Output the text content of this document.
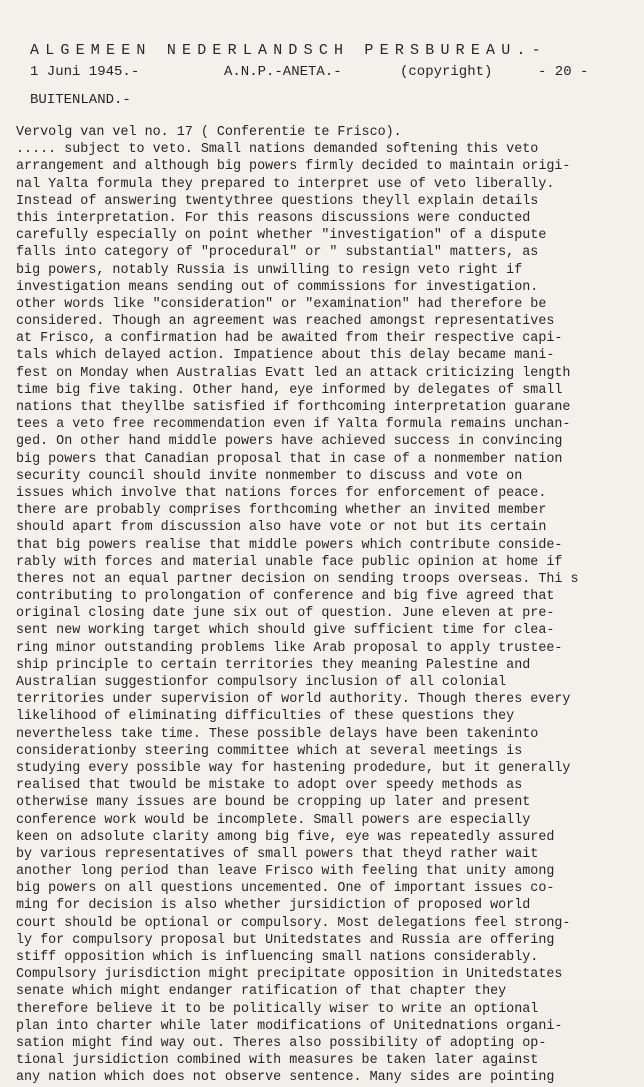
ALGEMEEN NEDERLANDSCH PERSBUREAU.-
1 Juni 1945.-	A.N.P.-ANETA.-	(copyright)	- 20 -
BUITENLAND.-
Vervolg van vel no. 17 ( Conferentie te Frisco).
..... subject to veto. Small nations demanded softening this veto
arrangement and although big powers firmly decided to maintain origi-
nal Yalta formula they prepared to interpret use of veto liberally.
Instead of answering twentythree questions theyll explain details
this interpretation. For this reasons discussions were conducted
carefully especially on point whether "investigation" of a dispute
falls into category of "procedural" or " substantial" matters, as
big powers, notably Russia is unwilling to resign veto right if
investigation means sending out of commissions for investigation.
other words like "consideration" or "examination" had therefore be
considered. Though an agreement was reached amongst representatives
at Frisco, a confirmation had be awaited from their respective capi-
tals which delayed action. Impatience about this delay became mani-
fest on Monday when Australias Evatt led an attack criticizing length
time big five taking. Other hand, eye informed by delegates of small
nations that theyllbe satisfied if forthcoming interpretation guarane
tees a veto free recommendation even if Yalta formula remains unchan-
ged. On other hand middle powers have achieved success in convincing
big powers that Canadian proposal that in case of a nonmember nation
security council should invite nonmember to discuss and vote on
issues which involve that nations forces for enforcement of peace.
there are probably comprises forthcoming whether an invited member
should apart from discussion also have vote or not but its certain
that big powers realise that middle powers which contribute conside-
rably with forces and material unable face public opinion at home if
theres not an equal partner decision on sending troops overseas. Thi s
contributing to prolongation of conference and big five agreed that
original closing date june six out of question. June eleven at pre-
sent new working target which should give sufficient time for clea-
ring minor outstanding problems like Arab proposal to apply trustee-
ship principle to certain territories they meaning Palestine and
Australian suggestionfor compulsory inclusion of all colonial
territories under supervision of world authority. Though theres every
likelihood of eliminating difficulties of these questions they
nevertheless take time. These possible delays have been takeninto
considerationby steering committee which at several meetings is
studying every possible way for hastening prodedure, but it generally
realised that twould be mistake to adopt over speedy methods as
otherwise many issues are bound be cropping up later and present
conference work would be incomplete. Small powers are especially
keen on adsolute clarity among big five, eye was repeatedly assured
by various representatives of small powers that theyd rather wait
another long period than leave Frisco with feeling that unity among
big powers on all questions uncemented. One of important issues co-
ming for decision is also whether jursidiction of proposed world
court should be optional or compulsory. Most delegations feel strong-
ly for compulsory proposal but Unitedstates and Russia are offering
stiff opposition which is influencing small nations considerably.
Compulsory jurisdiction might precipitate opposition in Unitedstates
senate which might endanger ratification of that chapter they
therefore believe it to be politically wiser to write an optional
plan into charter while later modifications of Unitednations organi-
sation might find way out. Theres also possibility of adopting op-
tional jursidiction combined with measures be taken later against
any nation which does not observe sentence. Many sides are pointing
